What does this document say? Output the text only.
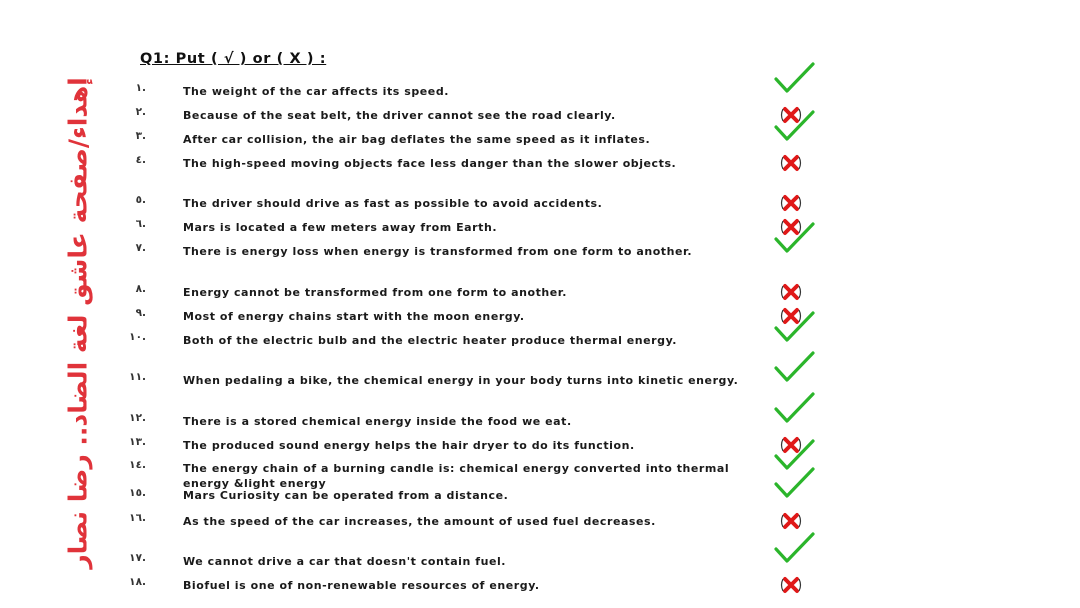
إهداء/صفحة عاشق لغة الضاد.. رضا نصار
Q1: Put ( √ ) or ( X ) :
.١	The weight of the car affects its speed.
.٢	Because of the seat belt, the driver cannot see the road clearly.
.٣	After car collision, the air bag deflates the same speed as it inflates.
.٤	The high-speed moving objects face less danger than the slower objects.
.٥	The driver should drive as fast as possible to avoid accidents.
.٦	Mars is located a few meters away from Earth.
.٧	There is energy loss when energy is transformed from one form to another.
.٨	Energy cannot be transformed from one form to another.
.٩	Most of energy chains start with the moon energy.
.١٠	Both of the electric bulb and the electric heater produce thermal energy.
.١١	When pedaling a bike, the chemical energy in your body turns into kinetic energy.
.١٢	There is a stored chemical energy inside the food we eat.
.١٣	The produced sound energy helps the hair dryer to do its function.
.١٤	The energy chain of a burning candle is: chemical energy converted into thermal energy &light energy
.١٥	Mars Curiosity can be operated from a distance.
.١٦	As the speed of the car increases, the amount of used fuel decreases.
.١٧	We cannot drive a car that doesn't contain fuel.
.١٨	Biofuel is one of non-renewable resources of energy.
